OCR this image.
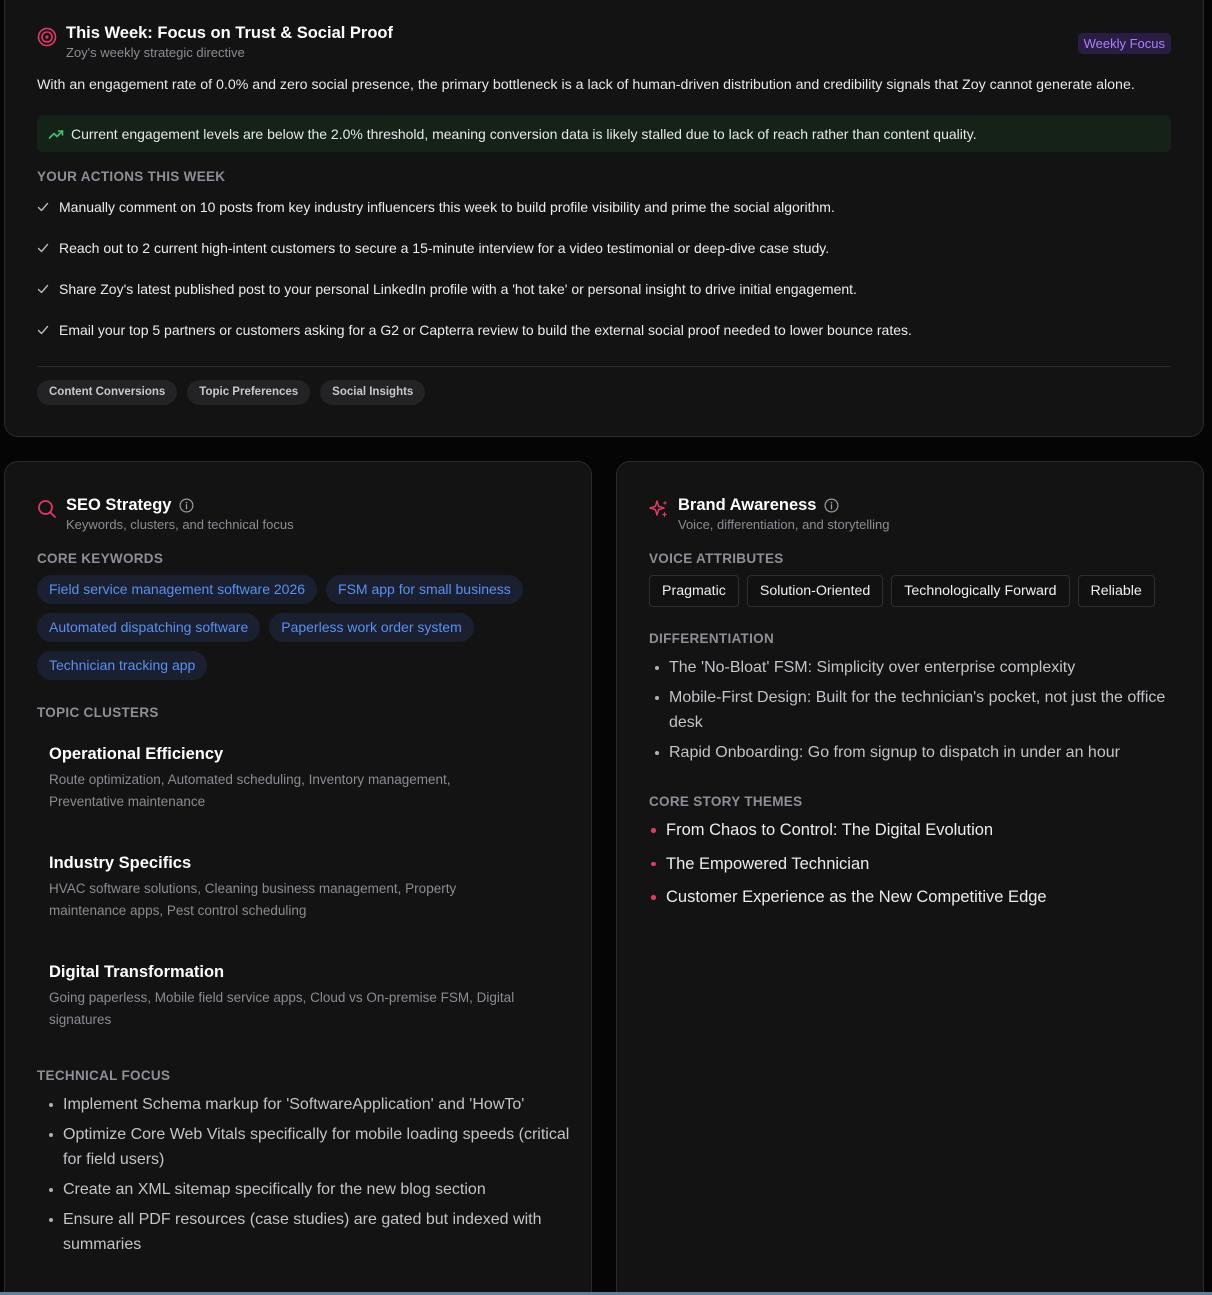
This Week: Focus on Trust & Social Proof
Zoy's weekly strategic directive
Weekly Focus

With an engagement rate of 0.0% and zero social presence, the primary bottleneck is a lack of human-driven distribution and credibility signals that Zoy cannot generate alone.

Current engagement levels are below the 2.0% threshold, meaning conversion data is likely stalled due to lack of reach rather than content quality.
YOUR ACTIONS THIS WEEK
Manually comment on 10 posts from key industry influencers this week to build profile visibility and prime the social algorithm.
Reach out to 2 current high-intent customers to secure a 15-minute interview for a video testimonial or deep-dive case study.
Share Zoy's latest published post to your personal LinkedIn profile with a 'hot take' or personal insight to drive initial engagement.
Email your top 5 partners or customers asking for a G2 or Capterra review to build the external social proof needed to lower bounce rates.
Content Conversions	Topic Preferences	Social Insights
SEO Strategy
Keywords, clusters, and technical focus
CORE KEYWORDS
Field service management software 2026	FSM app for small business
Automated dispatching software	Paperless work order system
Technician tracking app
TOPIC CLUSTERS
Operational Efficiency
Route optimization, Automated scheduling, Inventory management, Preventative maintenance
Industry Specifics
HVAC software solutions, Cleaning business management, Property maintenance apps, Pest control scheduling
Digital Transformation
Going paperless, Mobile field service apps, Cloud vs On-premise FSM, Digital signatures
TECHNICAL FOCUS
Implement Schema markup for 'SoftwareApplication' and 'HowTo'
Optimize Core Web Vitals specifically for mobile loading speeds (critical for field users)
Create an XML sitemap specifically for the new blog section
Ensure all PDF resources (case studies) are gated but indexed with summaries
Brand Awareness
Voice, differentiation, and storytelling
VOICE ATTRIBUTES
Pragmatic	Solution-Oriented	Technologically Forward	Reliable
DIFFERENTIATION
The 'No-Bloat' FSM: Simplicity over enterprise complexity
Mobile-First Design: Built for the technician's pocket, not just the office desk
Rapid Onboarding: Go from signup to dispatch in under an hour
CORE STORY THEMES
From Chaos to Control: The Digital Evolution
The Empowered Technician
Customer Experience as the New Competitive Edge
